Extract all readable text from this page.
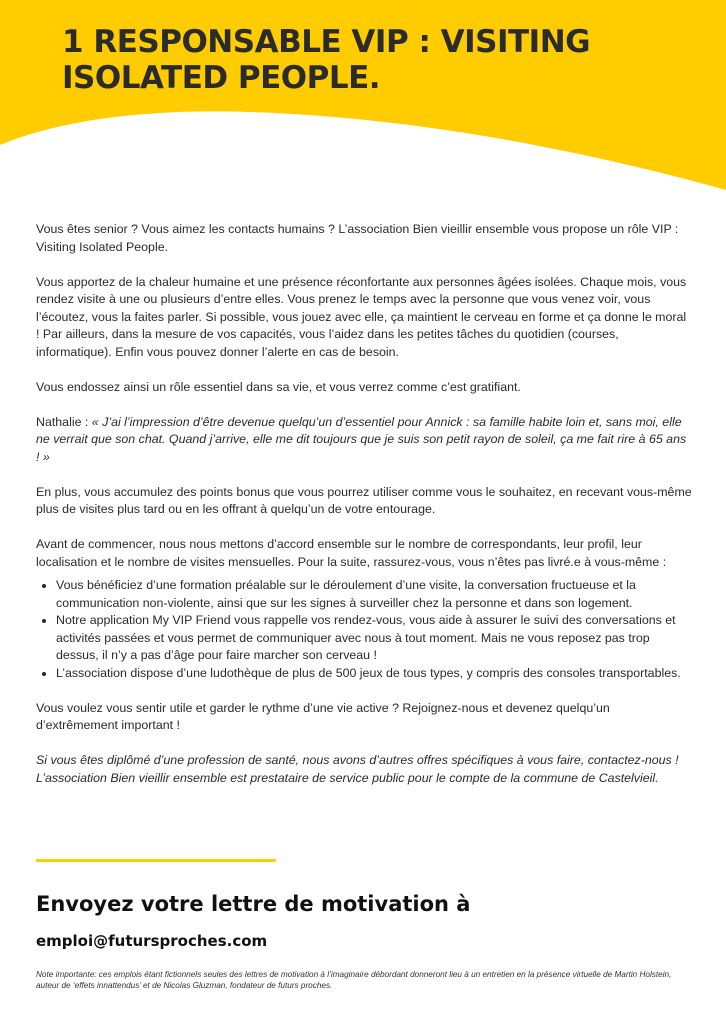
1 RESPONSABLE VIP : VISITING ISOLATED PEOPLE.

Vous êtes senior ? Vous aimez les contacts humains ? L’association Bien vieillir ensemble vous propose un rôle VIP : Visiting Isolated People.

Vous apportez de la chaleur humaine et une présence réconfortante aux personnes âgées isolées. Chaque mois, vous rendez visite à une ou plusieurs d’entre elles. Vous prenez le temps avec la personne que vous venez voir, vous l’écoutez, vous la faites parler. Si possible, vous jouez avec elle, ça maintient le cerveau en forme et ça donne le moral ! Par ailleurs, dans la mesure de vos capacités, vous l’aidez dans les petites tâches du quotidien (courses, informatique). Enfin vous pouvez donner l’alerte en cas de besoin.

Vous endossez ainsi un rôle essentiel dans sa vie, et vous verrez comme c’est gratifiant.

Nathalie : « J’ai l’impression d’être devenue quelqu’un d’essentiel pour Annick : sa famille habite loin et, sans moi, elle ne verrait que son chat. Quand j’arrive, elle me dit toujours que je suis son petit rayon de soleil, ça me fait rire à 65 ans ! »

En plus, vous accumulez des points bonus que vous pourrez utiliser comme vous le souhaitez, en recevant vous-même plus de visites plus tard ou en les offrant à quelqu’un de votre entourage.

Avant de commencer, nous nous mettons d’accord ensemble sur le nombre de correspondants, leur profil, leur localisation et le nombre de visites mensuelles. Pour la suite, rassurez-vous, vous n’êtes pas livré.e à vous-même :

• Vous bénéficiez d’une formation préalable sur le déroulement d’une visite, la conversation fructueuse et la communication non-violente, ainsi que sur les signes à surveiller chez la personne et dans son logement.
• Notre application My VIP Friend vous rappelle vos rendez-vous, vous aide à assurer le suivi des conversations et activités passées et vous permet de communiquer avec nous à tout moment. Mais ne vous reposez pas trop dessus, il n’y a pas d’âge pour faire marcher son cerveau !
• L’association dispose d’une ludothèque de plus de 500 jeux de tous types, y compris des consoles transportables.

Vous voulez vous sentir utile et garder le rythme d’une vie active ? Rejoignez-nous et devenez quelqu’un d’extrêmement important !

Si vous êtes diplômé d’une profession de santé, nous avons d’autres offres spécifiques à vous faire, contactez-nous !

L’association Bien vieillir ensemble est prestataire de service public pour le compte de la commune de Castelvieil.

Envoyez votre lettre de motivation à
emploi@futursproches.com
Note importante: ces emplois étant fictionnels seules des lettres de motivation à l’imaginaire débordant donneront lieu à un entretien en la présence virtuelle de Martin Holstein, auteur de ‘effets innattendus’ et de Nicolas Gluzman, fondateur de futurs proches.
